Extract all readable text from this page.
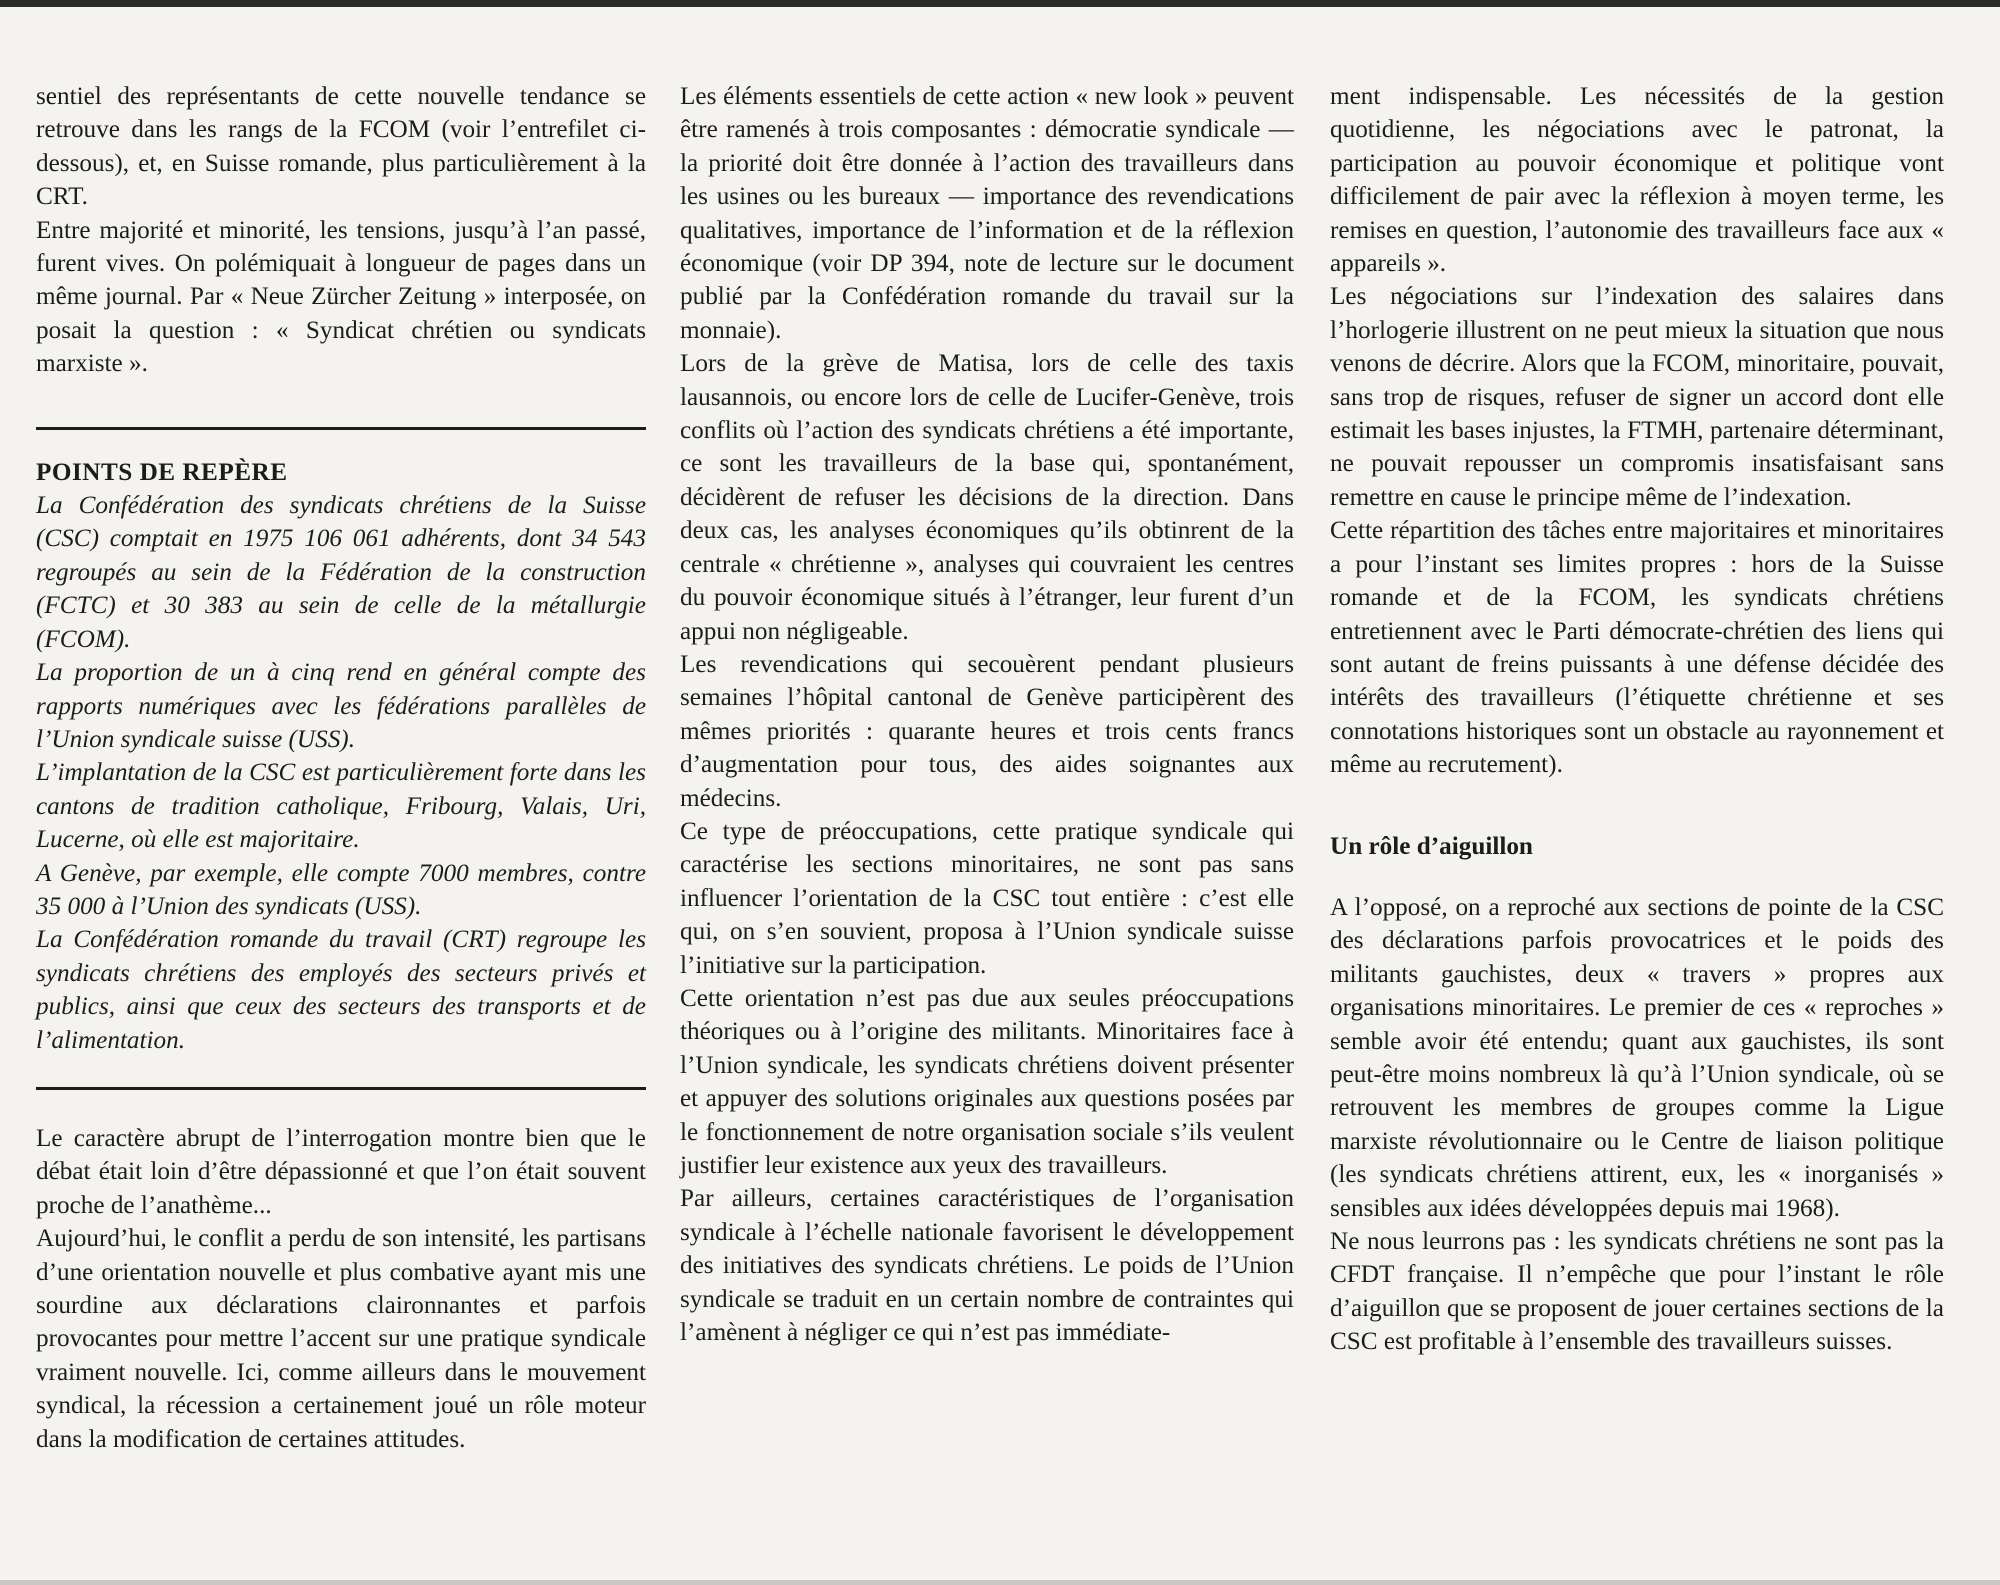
sentiel des représentants de cette nouvelle tendance se retrouve dans les rangs de la FCOM (voir l’entrefilet ci-dessous), et, en Suisse romande, plus particulièrement à la CRT.

Entre majorité et minorité, les tensions, jusqu’à l’an passé, furent vives. On polémiquait à longueur de pages dans un même journal. Par « Neue Zürcher Zeitung » interposée, on posait la question : « Syndicat chrétien ou syndicats marxiste ».

POINTS DE REPÈRE

La Confédération des syndicats chrétiens de la Suisse (CSC) comptait en 1975 106 061 adhérents, dont 34 543 regroupés au sein de la Fédération de la construction (FCTC) et 30 383 au sein de celle de la métallurgie (FCOM).

La proportion de un à cinq rend en général compte des rapports numériques avec les fédérations parallèles de l’Union syndicale suisse (USS).

L’implantation de la CSC est particulièrement forte dans les cantons de tradition catholique, Fribourg, Valais, Uri, Lucerne, où elle est majoritaire.

A Genève, par exemple, elle compte 7000 membres, contre 35 000 à l’Union des syndicats (USS).

La Confédération romande du travail (CRT) regroupe les syndicats chrétiens des employés des secteurs privés et publics, ainsi que ceux des secteurs des transports et de l’alimentation.

Le caractère abrupt de l’interrogation montre bien que le débat était loin d’être dépassionné et que l’on était souvent proche de l’anathème...

Aujourd’hui, le conflit a perdu de son intensité, les partisans d’une orientation nouvelle et plus combative ayant mis une sourdine aux déclarations claironnantes et parfois provocantes pour mettre l’accent sur une pratique syndicale vraiment nouvelle. Ici, comme ailleurs dans le mouvement syndical, la récession a certainement joué un rôle moteur dans la modification de certaines attitudes.

Les éléments essentiels de cette action « new look » peuvent être ramenés à trois composantes : démocratie syndicale — la priorité doit être donnée à l’action des travailleurs dans les usines ou les bureaux — importance des revendications qualitatives, importance de l’information et de la réflexion économique (voir DP 394, note de lecture sur le document publié par la Confédération romande du travail sur la monnaie).

Lors de la grève de Matisa, lors de celle des taxis lausannois, ou encore lors de celle de Lucifer-Genève, trois conflits où l’action des syndicats chrétiens a été importante, ce sont les travailleurs de la base qui, spontanément, décidèrent de refuser les décisions de la direction. Dans deux cas, les analyses économiques qu’ils obtinrent de la centrale « chrétienne », analyses qui couvraient les centres du pouvoir économique situés à l’étranger, leur furent d’un appui non négligeable.

Les revendications qui secouèrent pendant plusieurs semaines l’hôpital cantonal de Genève participèrent des mêmes priorités : quarante heures et trois cents francs d’augmentation pour tous, des aides soignantes aux médecins.

Ce type de préoccupations, cette pratique syndicale qui caractérise les sections minoritaires, ne sont pas sans influencer l’orientation de la CSC tout entière : c’est elle qui, on s’en souvient, proposa à l’Union syndicale suisse l’initiative sur la participation.

Cette orientation n’est pas due aux seules préoccupations théoriques ou à l’origine des militants. Minoritaires face à l’Union syndicale, les syndicats chrétiens doivent présenter et appuyer des solutions originales aux questions posées par le fonctionnement de notre organisation sociale s’ils veulent justifier leur existence aux yeux des travailleurs.

Par ailleurs, certaines caractéristiques de l’organisation syndicale à l’échelle nationale favorisent le développement des initiatives des syndicats chrétiens. Le poids de l’Union syndicale se traduit en un certain nombre de contraintes qui l’amènent à négliger ce qui n’est pas immédiate-

ment indispensable. Les nécessités de la gestion quotidienne, les négociations avec le patronat, la participation au pouvoir économique et politique vont difficilement de pair avec la réflexion à moyen terme, les remises en question, l’autonomie des travailleurs face aux « appareils ».

Les négociations sur l’indexation des salaires dans l’horlogerie illustrent on ne peut mieux la situation que nous venons de décrire. Alors que la FCOM, minoritaire, pouvait, sans trop de risques, refuser de signer un accord dont elle estimait les bases injustes, la FTMH, partenaire déterminant, ne pouvait repousser un compromis insatisfaisant sans remettre en cause le principe même de l’indexation.

Cette répartition des tâches entre majoritaires et minoritaires a pour l’instant ses limites propres : hors de la Suisse romande et de la FCOM, les syndicats chrétiens entretiennent avec le Parti démocrate-chrétien des liens qui sont autant de freins puissants à une défense décidée des intérêts des travailleurs (l’étiquette chrétienne et ses connotations historiques sont un obstacle au rayonnement et même au recrutement).

Un rôle d’aiguillon

A l’opposé, on a reproché aux sections de pointe de la CSC des déclarations parfois provocatrices et le poids des militants gauchistes, deux « travers » propres aux organisations minoritaires. Le premier de ces « reproches » semble avoir été entendu; quant aux gauchistes, ils sont peut-être moins nombreux là qu’à l’Union syndicale, où se retrouvent les membres de groupes comme la Ligue marxiste révolutionnaire ou le Centre de liaison politique (les syndicats chrétiens attirent, eux, les « inorganisés » sensibles aux idées développées depuis mai 1968).

Ne nous leurrons pas : les syndicats chrétiens ne sont pas la CFDT française. Il n’empêche que pour l’instant le rôle d’aiguillon que se proposent de jouer certaines sections de la CSC est profitable à l’ensemble des travailleurs suisses.
